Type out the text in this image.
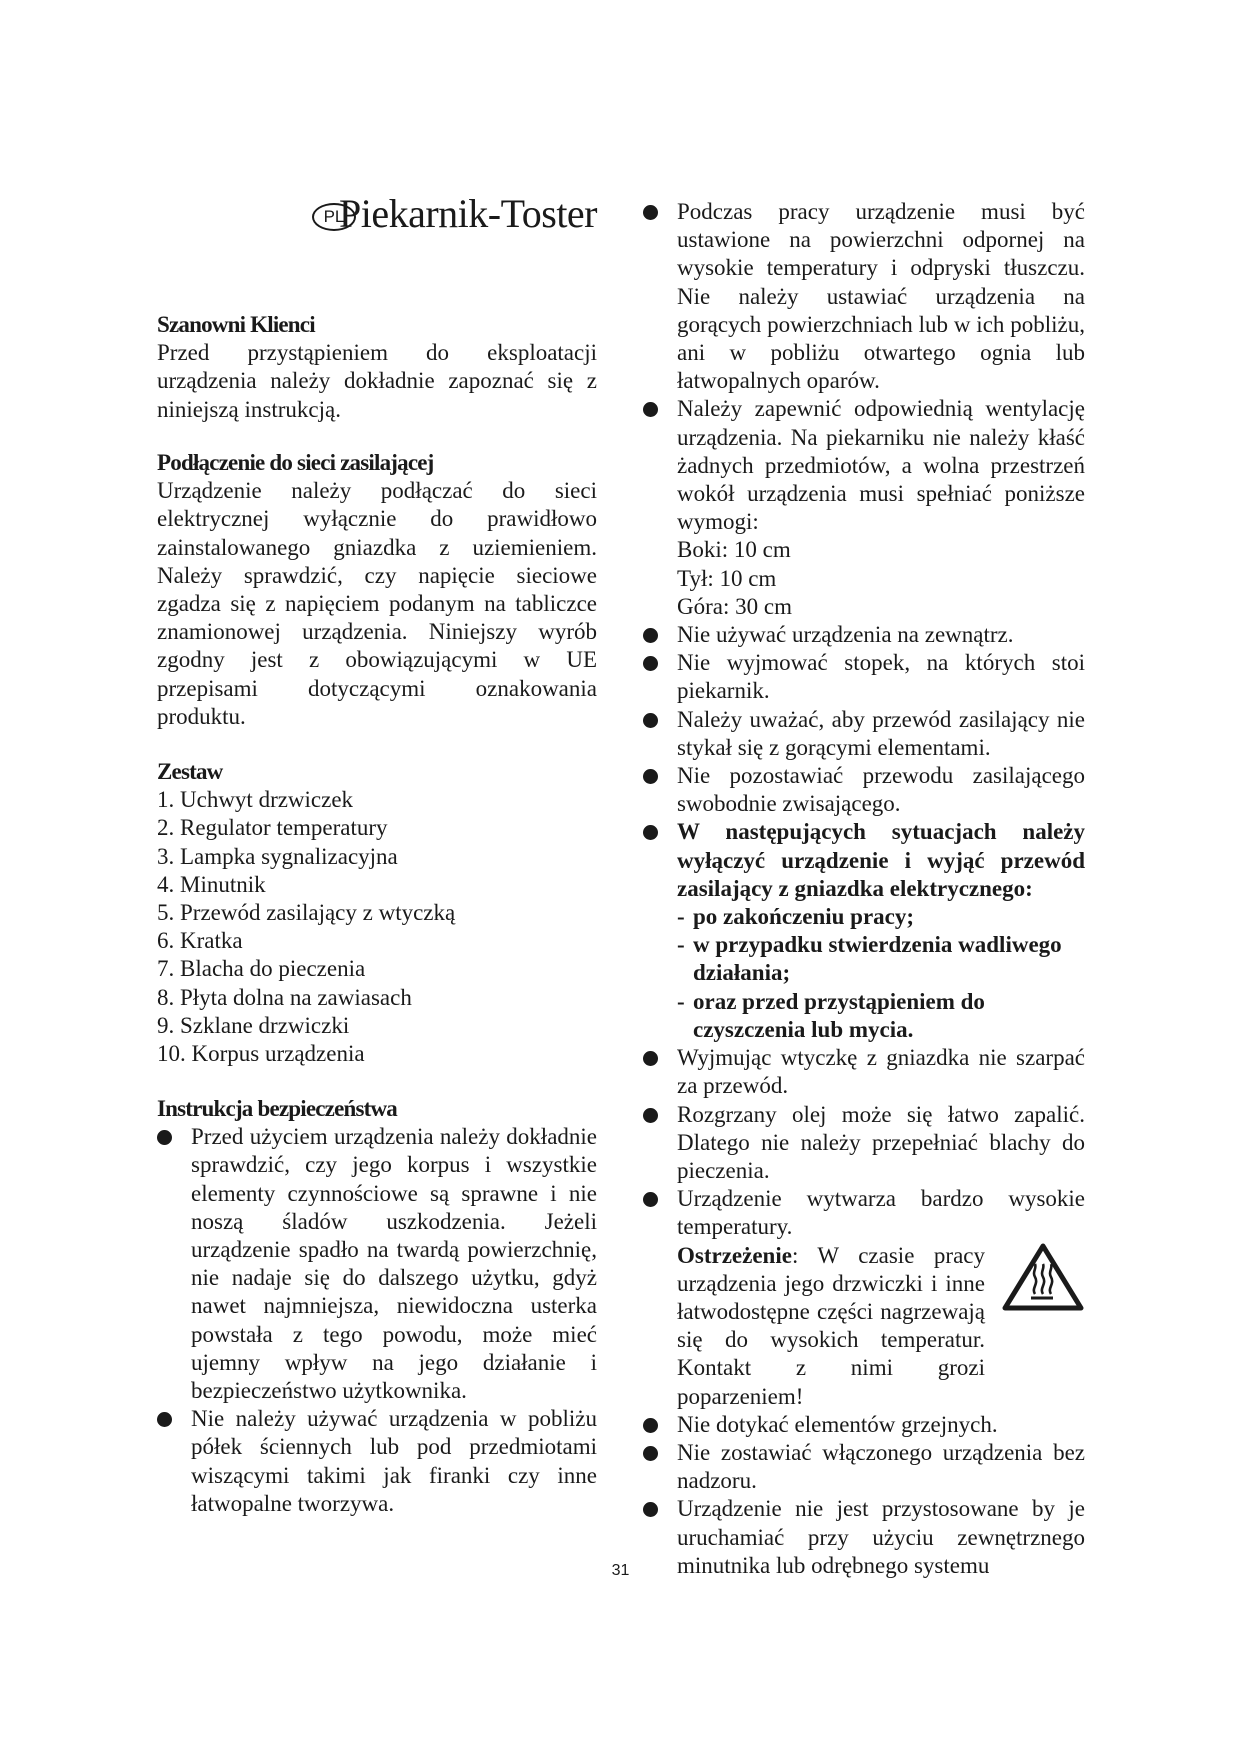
PL
Piekarnik-Toster
Szanowni Klienci
Przed przystąpieniem do eksploatacji urządzenia należy dokładnie zapoznać się z niniejszą instrukcją.
Podłączenie do sieci zasilającej
Urządzenie należy podłączać do sieci elektrycznej wyłącznie do prawidłowo zainstalowanego gniazdka z uziemieniem. Należy sprawdzić, czy napięcie sieciowe zgadza się z napięciem podanym na tabliczce znamionowej urządzenia. Niniejszy wyrób zgodny jest z obowiązującymi w UE przepisami dotyczącymi oznakowania produktu.
Zestaw
1. Uchwyt drzwiczek
2. Regulator temperatury
3. Lampka sygnalizacyjna
4. Minutnik
5. Przewód zasilający z wtyczką
6. Kratka
7. Blacha do pieczenia
8. Płyta dolna na zawiasach
9. Szklane drzwiczki
10. Korpus urządzenia
Instrukcja bezpieczeństwa
Przed użyciem urządzenia należy dokładnie sprawdzić, czy jego korpus i wszystkie elementy czynnościowe są sprawne i nie noszą śladów uszkodzenia. Jeżeli urządzenie spadło na twardą powierzchnię, nie nadaje się do dalszego użytku, gdyż nawet najmniejsza, niewidoczna usterka powstała z tego powodu, może mieć ujemny wpływ na jego działanie i bezpieczeństwo użytkownika.
Nie należy używać urządzenia w pobliżu półek ściennych lub pod przedmiotami wiszącymi takimi jak firanki czy inne łatwopalne tworzywa.
Podczas pracy urządzenie musi być ustawione na powierzchni odpornej na wysokie temperatury i odpryski tłuszczu. Nie należy ustawiać urządzenia na gorących powierzchniach lub w ich pobliżu, ani w pobliżu otwartego ognia lub łatwopalnych oparów.
Należy zapewnić odpowiednią wentylację urządzenia. Na piekarniku nie należy kłaść żadnych przedmiotów, a wolna przestrzeń wokół urządzenia musi spełniać poniższe wymogi:
Boki: 10 cm
Tył: 10 cm
Góra: 30 cm
Nie używać urządzenia na zewnątrz.
Nie wyjmować stopek, na których stoi piekarnik.
Należy uważać, aby przewód zasilający nie stykał się z gorącymi elementami.
Nie pozostawiać przewodu zasilającego swobodnie zwisającego.
W następujących sytuacjach należy wyłączyć urządzenie i wyjąć przewód zasilający z gniazdka elektrycznego:
- po zakończeniu pracy;
- w przypadku stwierdzenia wadliwego działania;
- oraz przed przystąpieniem do czyszczenia lub mycia.
Wyjmując wtyczkę z gniazdka nie szarpać za przewód.
Rozgrzany olej może się łatwo zapalić. Dlatego nie należy przepełniać blachy do pieczenia.
Urządzenie wytwarza bardzo wysokie temperatury.
Ostrzeżenie: W czasie pracy urządzenia jego drzwiczki i inne łatwodostępne części nagrzewają się do wysokich temperatur. Kontakt z nimi grozi poparzeniem!
Nie dotykać elementów grzejnych.
Nie zostawiać włączonego urządzenia bez nadzoru.
Urządzenie nie jest przystosowane by je uruchamiać przy użyciu zewnętrznego minutnika lub odrębnego systemu
31
